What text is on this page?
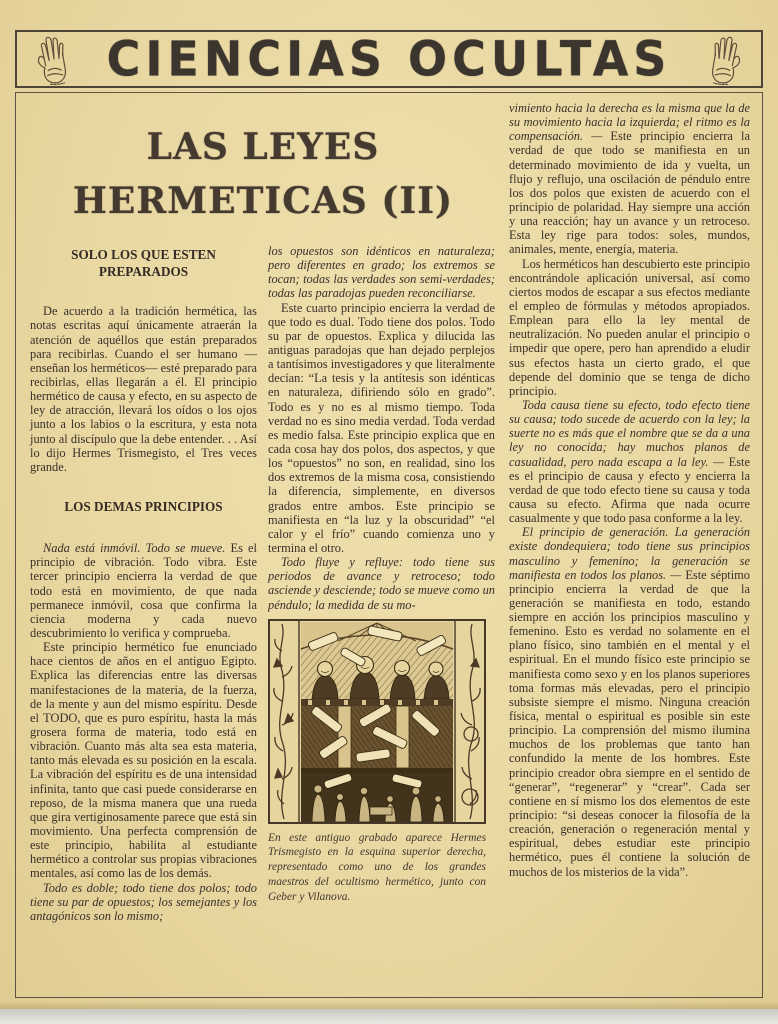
CIENCIAS OCULTAS
LAS LEYES
HERMETICAS (II)
SOLO LOS QUE ESTEN
PREPARADOS

De acuerdo a la tradición hermética, las notas escritas aquí únicamente atraerán la atención de aquéllos que están preparados para recibirlas. Cuando el ser humano —enseñan los herméticos— esté preparado para recibirlas, ellas llegarán a él. El principio hermético de causa y efecto, en su aspecto de ley de atracción, llevará los oídos o los ojos junto a los labios o la escritura, y esta nota junto al discípulo que la debe entender. . . Así lo dijo Hermes Trismegisto, el Tres veces grande.

LOS DEMAS PRINCIPIOS

Nada está inmóvil. Todo se mueve. Es el principio de vibración. Todo vibra. Este tercer principio encierra la verdad de que todo está en movimiento, de que nada permanece inmóvil, cosa que confirma la ciencia moderna y cada nuevo descubrimiento lo verifica y comprueba.

Este principio hermético fue enunciado hace cientos de años en el antiguo Egipto. Explica las diferencias entre las diversas manifestaciones de la materia, de la fuerza, de la mente y aun del mismo espíritu. Desde el TODO, que es puro espíritu, hasta la más grosera forma de materia, todo está en vibración. Cuanto más alta sea esta materia, tanto más elevada es su posición en la escala. La vibración del espíritu es de una intensidad infinita, tanto que casi puede considerarse en reposo, de la misma manera que una rueda que gira vertiginosamente parece que está sin movimiento. Una perfecta comprensión de este principio, habilita al estudiante hermético a controlar sus propias vibraciones mentales, así como las de los demás.

Todo es doble; todo tiene dos polos; todo tiene su par de opuestos; los semejantes y los antagónicos son lo mismo;

los opuestos son idénticos en naturaleza; pero diferentes en grado; los extremos se tocan; todas las verdades son semi-verdades; todas las paradojas pueden reconciliarse.

Este cuarto principio encierra la verdad de que todo es dual. Todo tiene dos polos. Todo su par de opuestos. Explica y dilucida las antiguas paradojas que han dejado perplejos a tantísimos investigadores y que literalmente decían: “La tesis y la antítesis son idénticas en naturaleza, difiriendo sólo en grado”. Todo es y no es al mismo tiempo. Toda verdad no es sino media verdad. Toda verdad es medio falsa. Este principio explica que en cada cosa hay dos polos, dos aspectos, y que los “opuestos” no son, en realidad, sino los dos extremos de la misma cosa, consistiendo la diferencia, simplemente, en diversos grados entre ambos. Este principio se manifiesta en “la luz y la obscuridad” “el calor y el frío” cuando comienza uno y termina el otro.

Todo fluye y refluye: todo tiene sus periodos de avance y retroceso; todo asciende y desciende; todo se mueve como un péndulo; la medida de su mo-

En este antiguo grabado aparece Hermes Trismegisto en la esquina superior derecha, representado como uno de los grandes maestros del ocultismo hermético, junto con Geber y Vilanova.

vimiento hacia la derecha es la misma que la de su movimiento hacia la izquierda; el ritmo es la compensación. — Este principio encierra la verdad de que todo se manifiesta en un determinado movimiento de ida y vuelta, un flujo y reflujo, una oscilación de péndulo entre los dos polos que existen de acuerdo con el principio de polaridad. Hay siempre una acción y una reacción; hay un avance y un retroceso. Esta ley rige para todos: soles, mundos, animales, mente, energía, materia.

Los herméticos han descubierto este principio encontrándole aplicación universal, así como ciertos modos de escapar a sus efectos mediante el empleo de fórmulas y métodos apropiados. Emplean para ello la ley mental de neutralización. No pueden anular el principio o impedir que opere, pero han aprendido a eludir sus efectos hasta un cierto grado, el que depende del dominio que se tenga de dicho principio.

Toda causa tiene su efecto, todo efecto tiene su causa; todo sucede de acuerdo con la ley; la suerte no es más que el nombre que se da a una ley no conocida; hay muchos planos de casualidad, pero nada escapa a la ley. — Este es el principio de causa y efecto y encierra la verdad de que todo efecto tiene su causa y toda causa su efecto. Afirma que nada ocurre casualmente y que todo pasa conforme a la ley.

El principio de generación. La generación existe dondequiera; todo tiene sus principios masculino y femenino; la generación se manifiesta en todos los planos. — Este séptimo principio encierra la verdad de que la generación se manifiesta en todo, estando siempre en acción los principios masculino y femenino. Esto es verdad no solamente en el plano físico, sino también en el mental y el espiritual. En el mundo físico este principio se manifiesta como sexo y en los planos superiores toma formas más elevadas, pero el principio subsiste siempre el mismo. Ninguna creación física, mental o espiritual es posible sin este principio. La comprensión del mismo ilumina muchos de los problemas que tanto han confundido la mente de los hombres. Este principio creador obra siempre en el sentido de “generar”, “regenerar” y “crear”. Cada ser contiene en sí mismo los dos elementos de este principio: “si deseas conocer la filosofía de la creación, generación o regeneración mental y espiritual, debes estudiar este principio hermético, pues él contiene la solución de muchos de los misterios de la vida”.
